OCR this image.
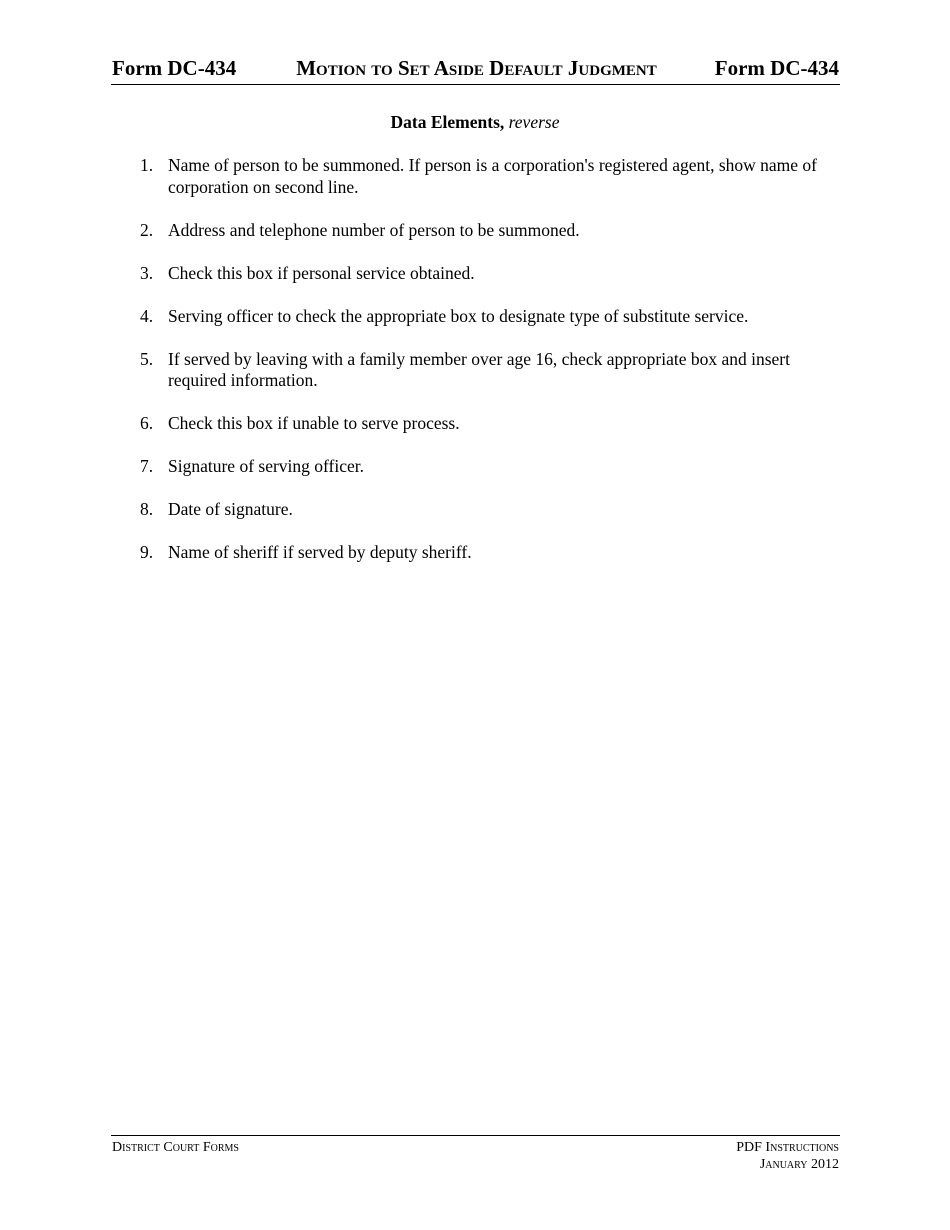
Form DC-434	Motion to Set Aside Default Judgment	Form DC-434
Data Elements, reverse
1. Name of person to be summoned. If person is a corporation's registered agent, show name of corporation on second line.
2. Address and telephone number of person to be summoned.
3. Check this box if personal service obtained.
4. Serving officer to check the appropriate box to designate type of substitute service.
5. If served by leaving with a family member over age 16, check appropriate box and insert required information.
6. Check this box if unable to serve process.
7. Signature of serving officer.
8. Date of signature.
9. Name of sheriff if served by deputy sheriff.
District Court Forms	PDF Instructions
January 2012
